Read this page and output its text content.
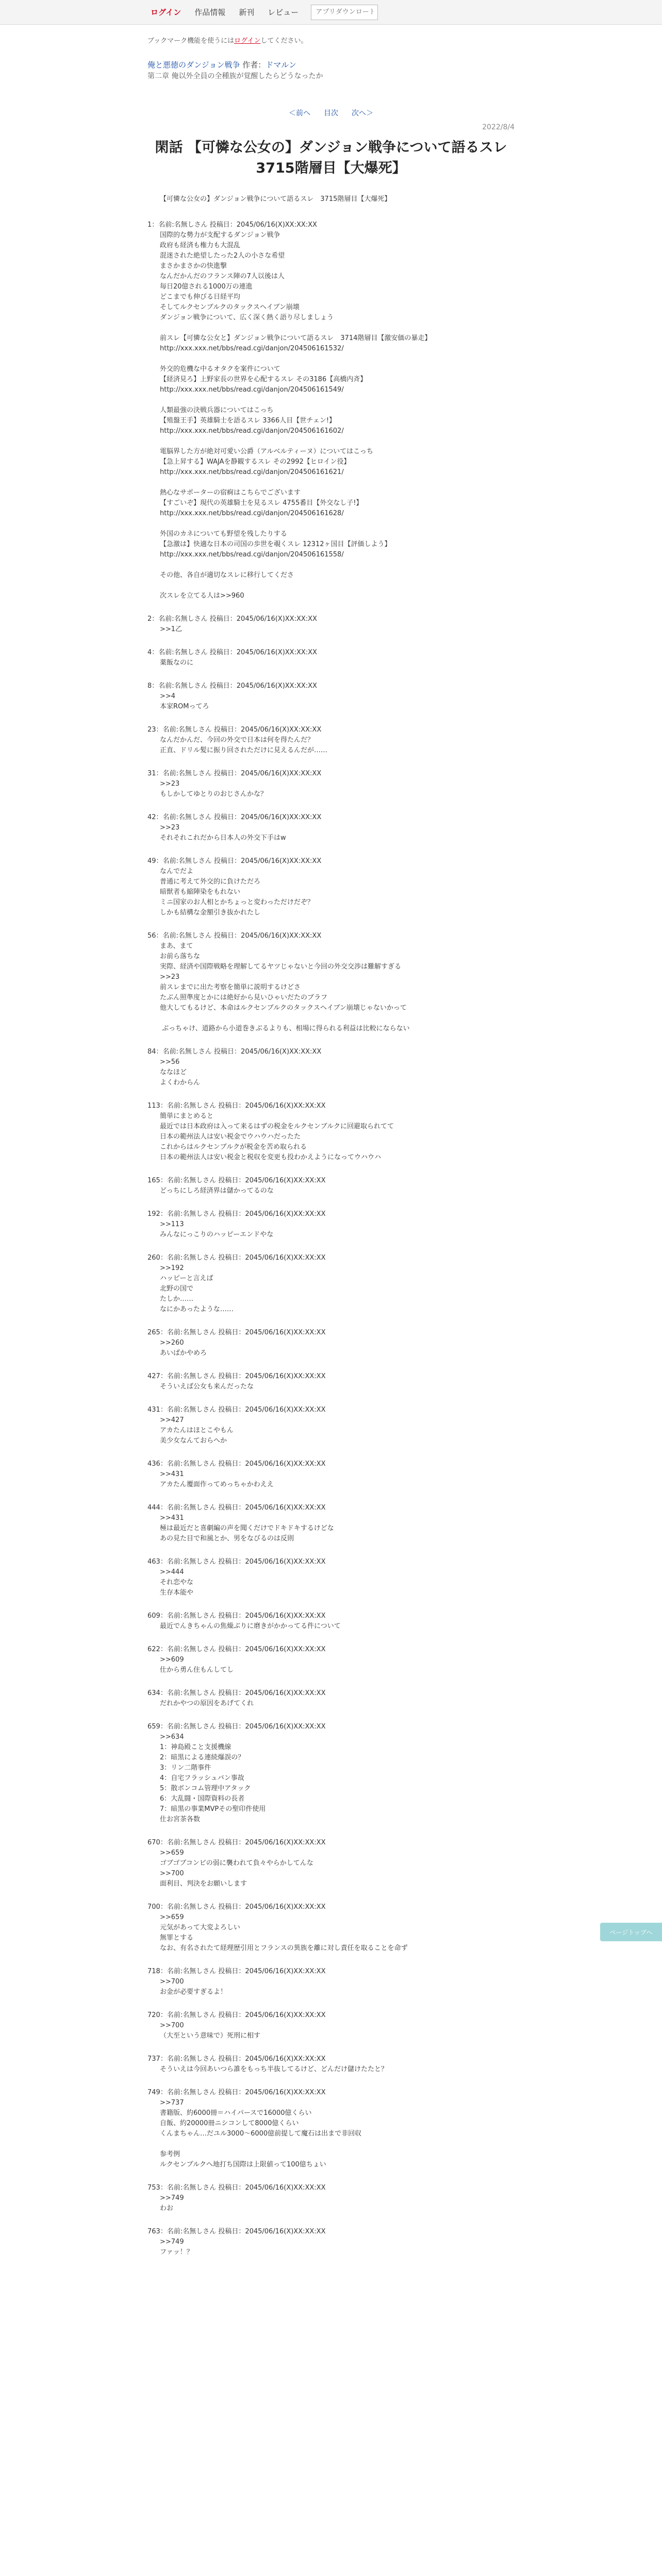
ログイン	作品情報	新刊	レビュー
アプリダウンロード
ブックマーク機能を使うにはログインしてください。
俺と悪徳のダンジョン戦争 作者：ドマルン
第二章 俺以外全員の全種族が覚醒したらどうなったか
＜前へ 目次 次へ＞
2022/8/4
閑話 【可憐な公女の】ダンジョン戦争について語るスレ 3715階層目【大爆死】
【可憐な公女の】ダンジョン戦争について語るスレ　3715階層目【大爆死】
1：名前:名無しさん 投稿日：2045/06/16(X)XX:XX:XX
国際的な勢力が支配するダンジョン戦争
政府も経済も権力も大混乱
混迷された絶望したった2人の小さな希望
まさかまさかの快進撃
なんだかんだのフランス陣の7人以後は人
毎日20億される1000万の連進
どこまでも伸びる日経平均
そしてルクセンブルクのタックスヘイブン崩壊
ダンジョン戦争について、広く深く熱く語り尽しましょう

前スレ【可憐な公女と】ダンジョン戦争について語るスレ　3714階層目【激安価の暴走】
http://xxx.xxx.net/bbs/read.cgi/danjon/204506161532/

外交的危機な中るオタクを案件について
【経済見ろ】上野家長の世界を心配するスレ その3186【高橋内斉】
http://xxx.xxx.net/bbs/read.cgi/danjon/204506161549/

人類最強の決戦兵器についてはこっち
【殖盤王手】英雄騎士を語るスレ 3366人目【世チェン!】
http://xxx.xxx.net/bbs/read.cgi/danjon/204506161602/

電脳界した方が絶対可愛い公爵（アルベルティーヌ）についてはこっち
【急上昇する】WAJAを静観するスレ その2992【ヒロイン役】
http://xxx.xxx.net/bbs/read.cgi/danjon/204506161621/

熱心なサポーターの宿痾はこちらでございます
【すごいぞ】現代の英雄騎士を見るスレ 4755番目【外交なし子!】
http://xxx.xxx.net/bbs/read.cgi/danjon/204506161628/

外国のカネについても野望を残したりする
【急激は】快適な日本の司国の歩世を覗くスレ 12312ヶ国目【評価しよう】
http://xxx.xxx.net/bbs/read.cgi/danjon/204506161558/

その他、各自が適切なスレに移行してくださ

次スレを立てる人は>>960
2：名前:名無しさん 投稿日：2045/06/16(X)XX:XX:XX
>>1乙
4：名前:名無しさん 投稿日：2045/06/16(X)XX:XX:XX
薬飯なのに
8：名前:名無しさん 投稿日：2045/06/16(X)XX:XX:XX
>>4
本家ROMってろ
23：名前:名無しさん 投稿日：2045/06/16(X)XX:XX:XX
なんだかんだ、今回の外交で日本は何を得たんだ？
正直、ドリル髪に振り回されただけに見えるんだが……
31：名前:名無しさん 投稿日：2045/06/16(X)XX:XX:XX
>>23
もしかしてゆとりのおじさんかな？
42：名前:名無しさん 投稿日：2045/06/16(X)XX:XX:XX
>>23
それそれこれだから日本人の外交下手はw
49：名前:名無しさん 投稿日：2045/06/16(X)XX:XX:XX
なんでだよ
普通に考えて外交的に負けただろ
暗獣者も縮陣染をもれない
ミニ国家のお人相とかちょっと変わっただけだぞ？
しかも結構な金額引き抜かれたし
56：名前:名無しさん 投稿日：2045/06/16(X)XX:XX:XX
まあ、まて
お前ら落ちな
実際、経済や国際戦略を理解してるヤツじゃないと今回の外交交渉は難解すぎる
>>23
前スレまでに出た考察を簡単に説明するけどさ
たぶん照準度とかには絶好から見いひゃいだたのブラフ
他大してもるけど、本命はルクセンブルクのタックスヘイブン崩壊じゃないかって

ぶっちゃけ、道路から小道巻きぶるよりも、相場に得られる利益は比較にならない
84：名前:名無しさん 投稿日：2045/06/16(X)XX:XX:XX
>>56
ななほど
よくわからん
113：名前:名無しさん 投稿日：2045/06/16(X)XX:XX:XX
簡単にまとめると
最近では日本政府は入って来るはずの税金をルクセンブルクに回避取られてて
日本の範州法人は安い税金でウハウハだったた
これからはルクセンブルクが税金を苦め取られる
日本の範州法人は安い税金と税収を変更も投わかえようになってウハウハ
165：名前:名無しさん 投稿日：2045/06/16(X)XX:XX:XX
どっちにしろ経済界は儲かってるのな
192：名前:名無しさん 投稿日：2045/06/16(X)XX:XX:XX
>>113
みんなにっこりのハッピーエンドやな
260：名前:名無しさん 投稿日：2045/06/16(X)XX:XX:XX
>>192
ハッピーと言えば
北野の国で
たしか……
なにかあったような……
265：名前:名無しさん 投稿日：2045/06/16(X)XX:XX:XX
>>260
あいばかやめろ
427：名前:名無しさん 投稿日：2045/06/16(X)XX:XX:XX
そういえば公女も来んだったな
431：名前:名無しさん 投稿日：2045/06/16(X)XX:XX:XX
>>427
アカたんはほとこやもん
美少女なんておらへか
436：名前:名無しさん 投稿日：2045/06/16(X)XX:XX:XX
>>431
アカたん覆面作ってめっちゃかわええ
444：名前:名無しさん 投稿日：2045/06/16(X)XX:XX:XX
>>431
極は最近だと喜劇編の声を聞くだけでドキドキするけどな
あの見た目で和風とか、男をなびるのは反則
463：名前:名無しさん 投稿日：2045/06/16(X)XX:XX:XX
>>444
それ恋やな
生存本能や
609：名前:名無しさん 投稿日：2045/06/16(X)XX:XX:XX
最近でんきちゃんの焦燥ぶりに磨きがかかってる件について
622：名前:名無しさん 投稿日：2045/06/16(X)XX:XX:XX
>>609
仕から勇ん住もんしてし
634：名前:名無しさん 投稿日：2045/06/16(X)XX:XX:XX
だれかやつの原因をあげてくれ
659：名前:名無しさん 投稿日：2045/06/16(X)XX:XX:XX
>>634
1：神島殿こと支援機線
2：暗黒による連続爆誤の？
3：リン二階事件
4：自宅フラッシュバン事故
5：散ボンコム管理中アタック
6：大乱闘・国際資料の長者
7：暗黒の事業MVPその聖印件使用
仕お宮茶各数
670：名前:名無しさん 投稿日：2045/06/16(X)XX:XX:XX
>>659
ゴブゴブコンビの弱に襲われて負々やらかしてんな
>>700
面利目、判決をお願いします
700：名前:名無しさん 投稿日：2045/06/16(X)XX:XX:XX
>>659
元気があって大変よろしい
無罪とする
なお、有名されたて経理歴引用とフランスの異族を離に対し責任を取ることを命ず
718：名前:名無しさん 投稿日：2045/06/16(X)XX:XX:XX
>>700
お金が必要すぎるよ！
720：名前:名無しさん 投稿日：2045/06/16(X)XX:XX:XX
>>700
（大至という意味で）死刑に相す
737：名前:名無しさん 投稿日：2045/06/16(X)XX:XX:XX
そういえは今回あいつら誰をもっち半抜してるけど、どんだけ儲けたたと？
749：名前:名無しさん 投稿日：2045/06/16(X)XX:XX:XX
>>737
書籍版、約6000冊＝ハイパースで16000億くらい
自飯、約20000冊ニシコンして8000億くらい
くんまちゃん…だユル3000～6000億前提して魔石は出まで非回収

参考例
ルクセンブルクへ地打ち国際は上限値って100億ちょい
753：名前:名無しさん 投稿日：2045/06/16(X)XX:XX:XX
>>749
わお
763：名前:名無しさん 投稿日：2045/06/16(X)XX:XX:XX
>>749
ファッ！？
ページトップへ
